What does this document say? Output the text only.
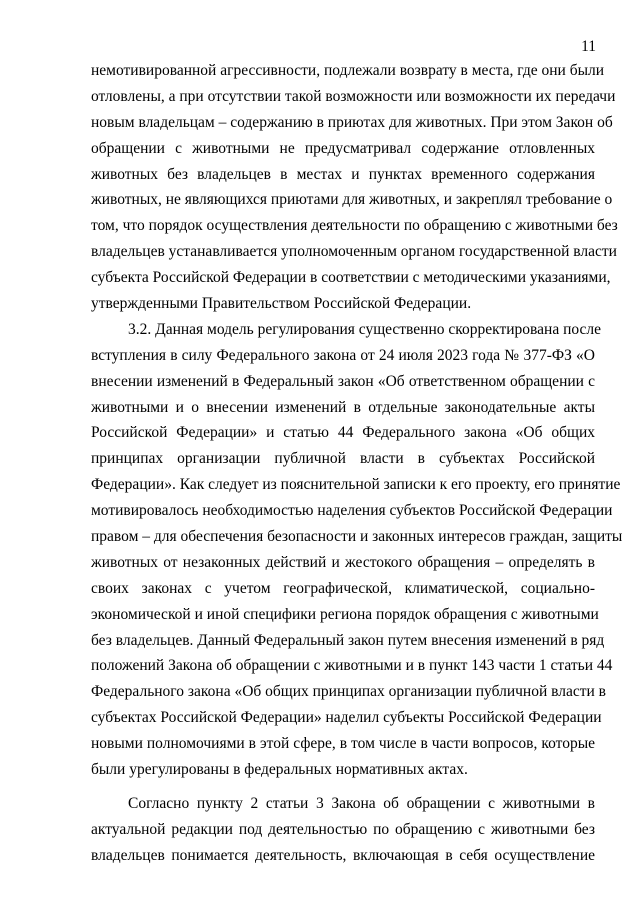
11
немотивированной агрессивности, подлежали возврату в места, где они были
отловлены, а при отсутствии такой возможности или возможности их передачи
новым владельцам – содержанию в приютах для животных. При этом Закон об
обращении с животными не предусматривал содержание отловленных
животных без владельцев в местах и пунктах временного содержания
животных, не являющихся приютами для животных, и закреплял требование о
том, что порядок осуществления деятельности по обращению с животными без
владельцев устанавливается уполномоченным органом государственной власти
субъекта Российской Федерации в соответствии с методическими указаниями,
утвержденными Правительством Российской Федерации.
3.2. Данная модель регулирования существенно скорректирована после
вступления в силу Федерального закона от 24 июля 2023 года № 377-ФЗ «О
внесении изменений в Федеральный закон «Об ответственном обращении с
животными и о внесении изменений в отдельные законодательные акты
Российской Федерации» и статью 44 Федерального закона «Об общих
принципах организации публичной власти в субъектах Российской
Федерации». Как следует из пояснительной записки к его проекту, его принятие
мотивировалось необходимостью наделения субъектов Российской Федерации
правом – для обеспечения безопасности и законных интересов граждан, защиты
животных от незаконных действий и жестокого обращения – определять в
своих законах с учетом географической, климатической, социально-
экономической и иной специфики региона порядок обращения с животными
без владельцев. Данный Федеральный закон путем внесения изменений в ряд
положений Закона об обращении с животными и в пункт 143 части 1 статьи 44
Федерального закона «Об общих принципах организации публичной власти в
субъектах Российской Федерации» наделил субъекты Российской Федерации
новыми полномочиями в этой сфере, в том числе в части вопросов, которые
были урегулированы в федеральных нормативных актах.
Согласно пункту 2 статьи 3 Закона об обращении с животными в
актуальной редакции под деятельностью по обращению с животными без
владельцев понимается деятельность, включающая в себя осуществление
